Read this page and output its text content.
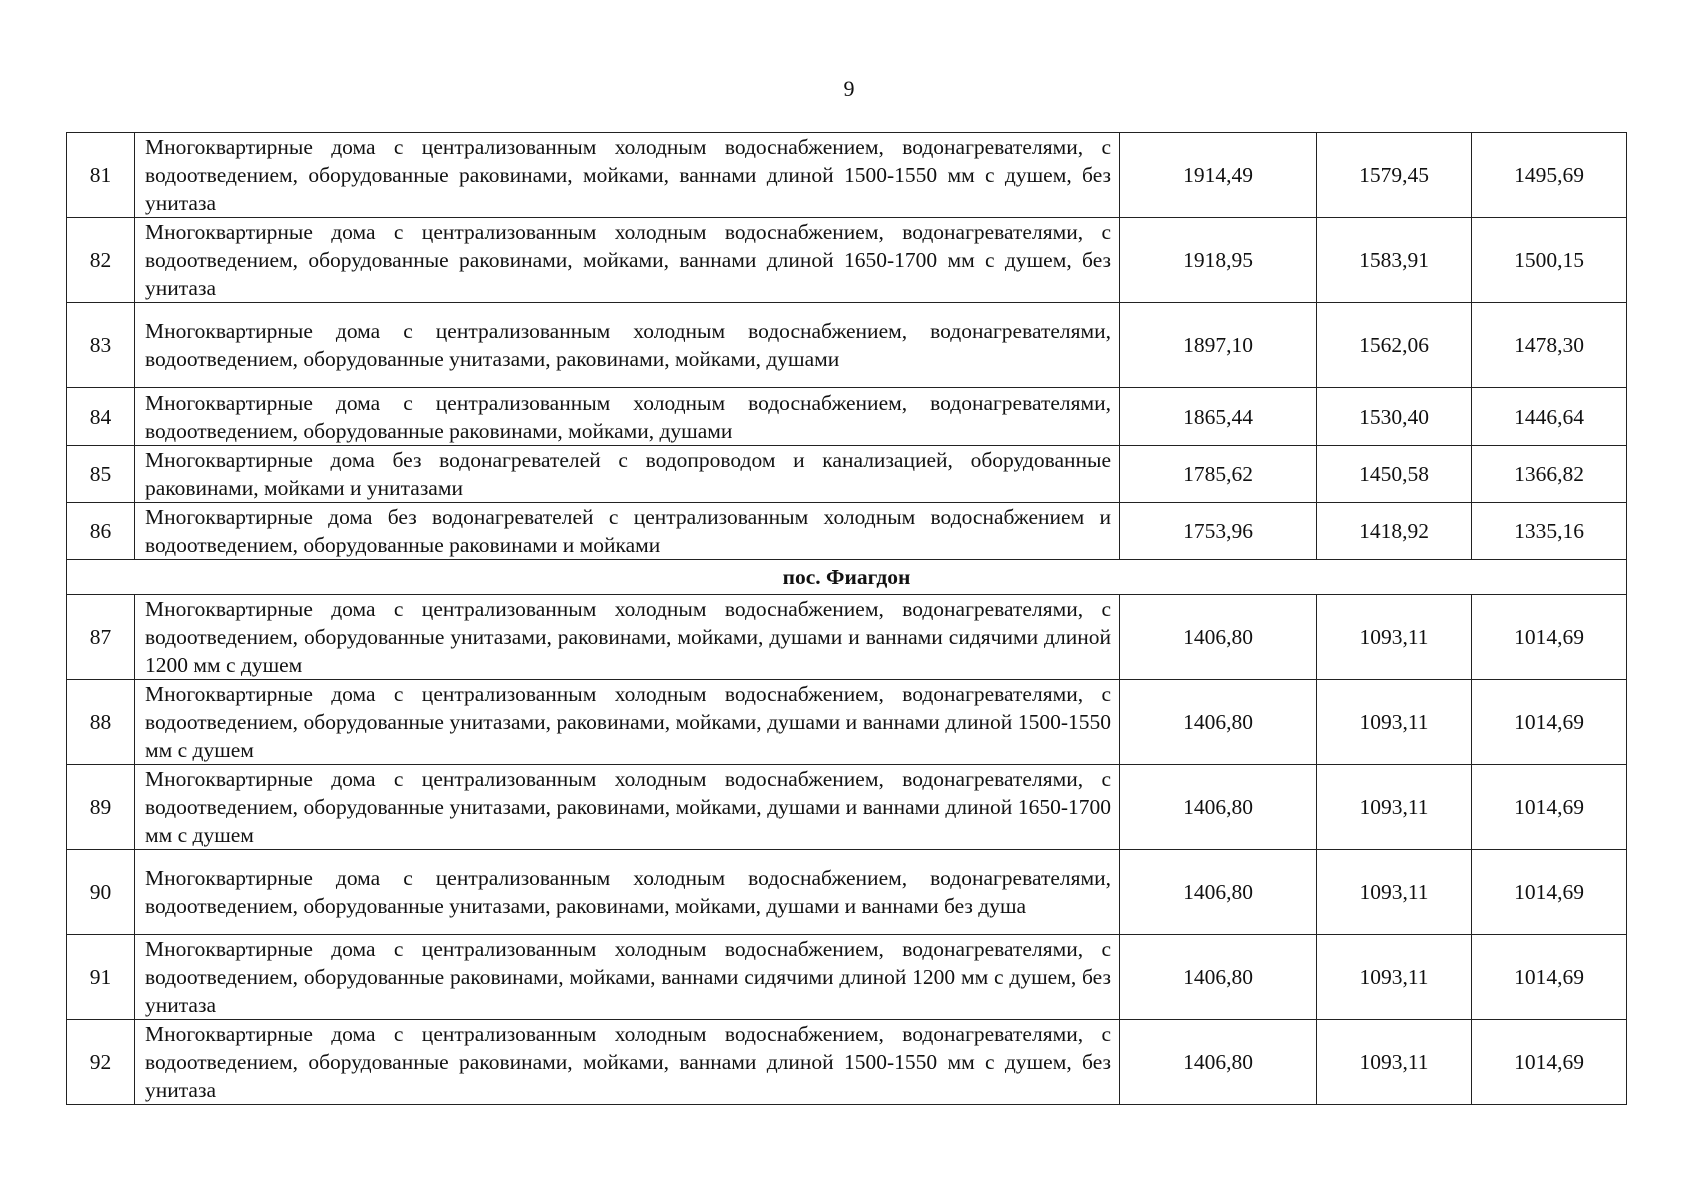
9
81	Многоквартирные дома с централизованным холодным водоснабжением, водонагревателями, с водоотведением, оборудованные раковинами, мойками, ваннами длиной 1500-1550 мм с душем, без унитаза	1914,49	1579,45	1495,69
82	Многоквартирные дома с централизованным холодным водоснабжением, водонагревателями, с водоотведением, оборудованные раковинами, мойками, ваннами длиной 1650-1700 мм с душем, без унитаза	1918,95	1583,91	1500,15
83	Многоквартирные дома с централизованным холодным водоснабжением, водонагревателями, водоотведением, оборудованные унитазами, раковинами, мойками, душами	1897,10	1562,06	1478,30
84	Многоквартирные дома с централизованным холодным водоснабжением, водонагревателями, водоотведением, оборудованные раковинами, мойками, душами	1865,44	1530,40	1446,64
85	Многоквартирные дома без водонагревателей с водопроводом и канализацией, оборудованные раковинами, мойками и унитазами	1785,62	1450,58	1366,82
86	Многоквартирные дома без водонагревателей с централизованным холодным водоснабжением и водоотведением, оборудованные раковинами и мойками	1753,96	1418,92	1335,16
пос. Фиагдон				
87	Многоквартирные дома с централизованным холодным водоснабжением, водонагревателями, с водоотведением, оборудованные унитазами, раковинами, мойками, душами и ваннами сидячими длиной 1200 мм с душем	1406,80	1093,11	1014,69
88	Многоквартирные дома с централизованным холодным водоснабжением, водонагревателями, с водоотведением, оборудованные унитазами, раковинами, мойками, душами и ваннами длиной 1500-1550 мм с душем	1406,80	1093,11	1014,69
89	Многоквартирные дома с централизованным холодным водоснабжением, водонагревателями, с водоотведением, оборудованные унитазами, раковинами, мойками, душами и ваннами длиной 1650-1700 мм с душем	1406,80	1093,11	1014,69
90	Многоквартирные дома с централизованным холодным водоснабжением, водонагревателями, водоотведением, оборудованные унитазами, раковинами, мойками, душами и ваннами без душа	1406,80	1093,11	1014,69
91	Многоквартирные дома с централизованным холодным водоснабжением, водонагревателями, с водоотведением, оборудованные раковинами, мойками, ваннами сидячими длиной 1200 мм с душем, без унитаза	1406,80	1093,11	1014,69
92	Многоквартирные дома с централизованным холодным водоснабжением, водонагревателями, с водоотведением, оборудованные раковинами, мойками, ваннами длиной 1500-1550 мм с душем, без унитаза	1406,80	1093,11	1014,69
